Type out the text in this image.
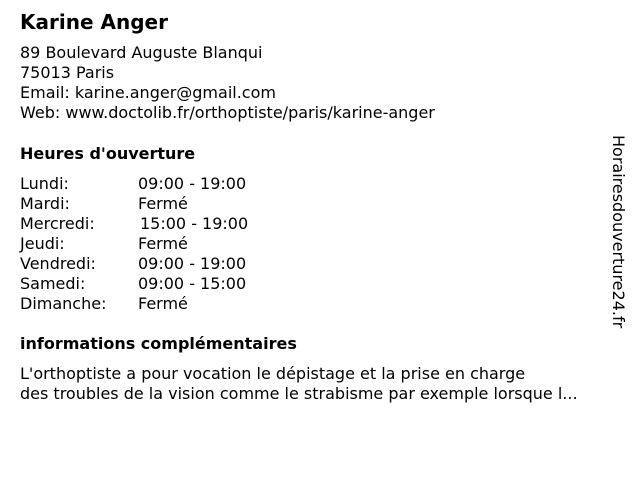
Karine Anger
89 Boulevard Auguste Blanqui
75013 Paris
Email: karine.anger@gmail.com
Web: www.doctolib.fr/orthoptiste/paris/karine-anger
Heures d'ouverture
Lundi:	09:00 - 19:00
Mardi:	Fermé
Mercredi:	15:00 - 19:00
Jeudi:	Fermé
Vendredi:	09:00 - 19:00
Samedi:	09:00 - 15:00
Dimanche: Fermé
informations complémentaires
L'orthoptiste a pour vocation le dépistage et la prise en charge
des troubles de la vision comme le strabisme par exemple lorsque l...
Horairesdouverture24.fr
